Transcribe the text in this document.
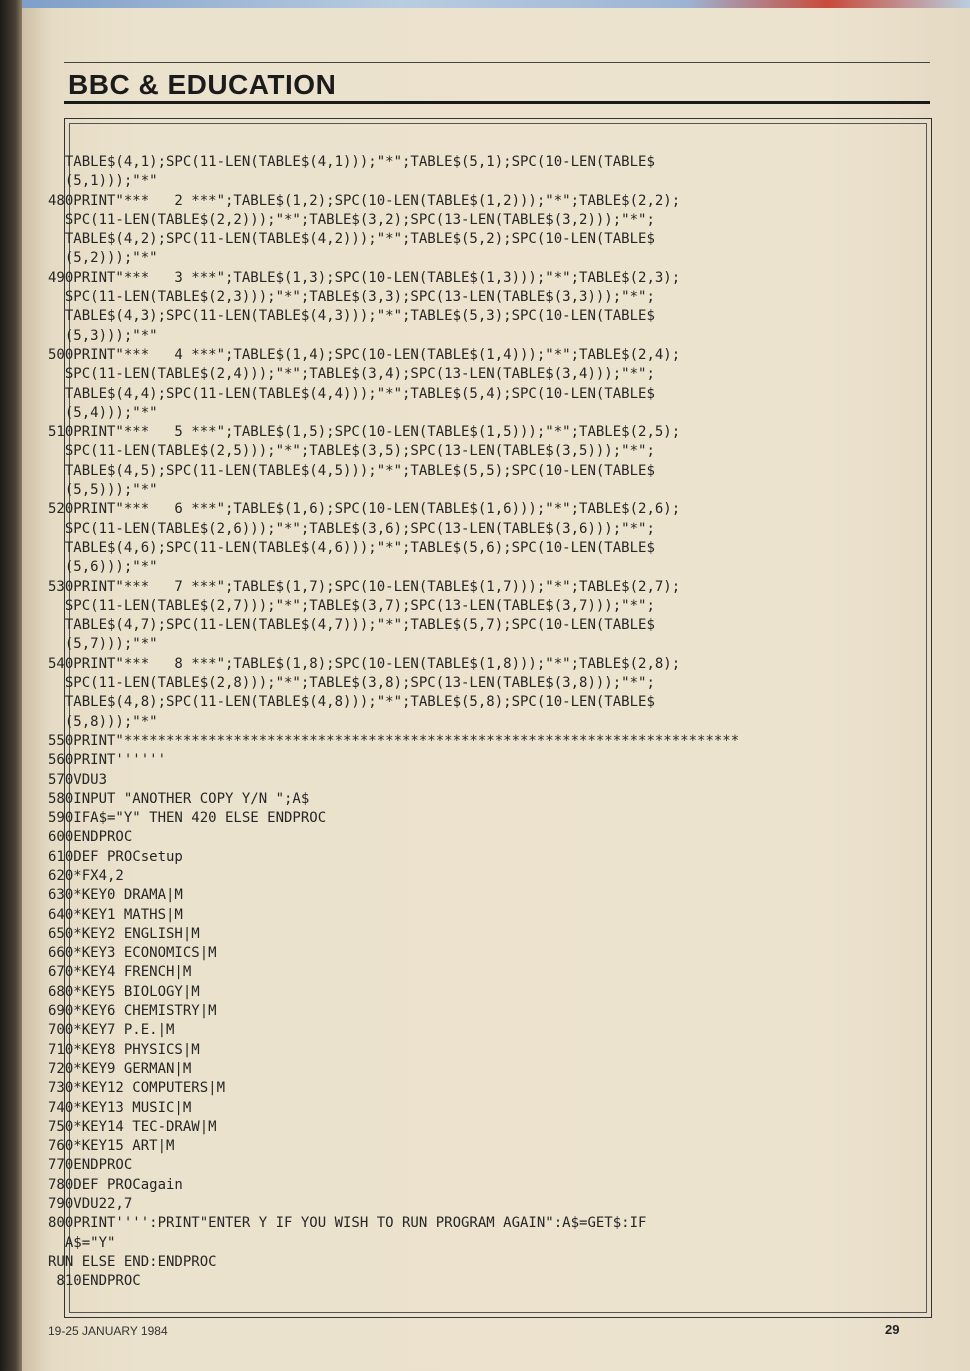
BBC & EDUCATION
TABLE$(4,1);SPC(11-LEN(TABLE$(4,1)));"*";TABLE$(5,1);SPC(10-LEN(TABLE$
(5,1)));"*"
480PRINT"***   2 ***";TABLE$(1,2);SPC(10-LEN(TABLE$(1,2)));"*";TABLE$(2,2);
SPC(11-LEN(TABLE$(2,2)));"*";TABLE$(3,2);SPC(13-LEN(TABLE$(3,2)));"*";
TABLE$(4,2);SPC(11-LEN(TABLE$(4,2)));"*";TABLE$(5,2);SPC(10-LEN(TABLE$
(5,2)));"*"
490PRINT"***   3 ***";TABLE$(1,3);SPC(10-LEN(TABLE$(1,3)));"*";TABLE$(2,3);
SPC(11-LEN(TABLE$(2,3)));"*";TABLE$(3,3);SPC(13-LEN(TABLE$(3,3)));"*";
TABLE$(4,3);SPC(11-LEN(TABLE$(4,3)));"*";TABLE$(5,3);SPC(10-LEN(TABLE$
(5,3)));"*"
500PRINT"***   4 ***";TABLE$(1,4);SPC(10-LEN(TABLE$(1,4)));"*";TABLE$(2,4);
SPC(11-LEN(TABLE$(2,4)));"*";TABLE$(3,4);SPC(13-LEN(TABLE$(3,4)));"*";
TABLE$(4,4);SPC(11-LEN(TABLE$(4,4)));"*";TABLE$(5,4);SPC(10-LEN(TABLE$
(5,4)));"*"
510PRINT"***   5 ***";TABLE$(1,5);SPC(10-LEN(TABLE$(1,5)));"*";TABLE$(2,5);
SPC(11-LEN(TABLE$(2,5)));"*";TABLE$(3,5);SPC(13-LEN(TABLE$(3,5)));"*";
TABLE$(4,5);SPC(11-LEN(TABLE$(4,5)));"*";TABLE$(5,5);SPC(10-LEN(TABLE$
(5,5)));"*"
520PRINT"***   6 ***";TABLE$(1,6);SPC(10-LEN(TABLE$(1,6)));"*";TABLE$(2,6);
SPC(11-LEN(TABLE$(2,6)));"*";TABLE$(3,6);SPC(13-LEN(TABLE$(3,6)));"*";
TABLE$(4,6);SPC(11-LEN(TABLE$(4,6)));"*";TABLE$(5,6);SPC(10-LEN(TABLE$
(5,6)));"*"
530PRINT"***   7 ***";TABLE$(1,7);SPC(10-LEN(TABLE$(1,7)));"*";TABLE$(2,7);
SPC(11-LEN(TABLE$(2,7)));"*";TABLE$(3,7);SPC(13-LEN(TABLE$(3,7)));"*";
TABLE$(4,7);SPC(11-LEN(TABLE$(4,7)));"*";TABLE$(5,7);SPC(10-LEN(TABLE$
(5,7)));"*"
540PRINT"***   8 ***";TABLE$(1,8);SPC(10-LEN(TABLE$(1,8)));"*";TABLE$(2,8);
SPC(11-LEN(TABLE$(2,8)));"*";TABLE$(3,8);SPC(13-LEN(TABLE$(3,8)));"*";
TABLE$(4,8);SPC(11-LEN(TABLE$(4,8)));"*";TABLE$(5,8);SPC(10-LEN(TABLE$
(5,8)));"*"
550PRINT"*************************************************************************
560PRINT''''''
570VDU3
580INPUT "ANOTHER COPY Y/N ";A$
590IFA$="Y" THEN 420 ELSE ENDPROC
600ENDPROC
610DEF PROCsetup
620*FX4,2
630*KEY0 DRAMA|M
640*KEY1 MATHS|M
650*KEY2 ENGLISH|M
660*KEY3 ECONOMICS|M
670*KEY4 FRENCH|M
680*KEY5 BIOLOGY|M
690*KEY6 CHEMISTRY|M
700*KEY7 P.E.|M
710*KEY8 PHYSICS|M
720*KEY9 GERMAN|M
730*KEY12 COMPUTERS|M
740*KEY13 MUSIC|M
750*KEY14 TEC-DRAW|M
760*KEY15 ART|M
770ENDPROC
780DEF PROCagain
790VDU22,7
800PRINT'''':PRINT"ENTER Y IF YOU WISH TO RUN PROGRAM AGAIN":A$=GET$:IF
A$="Y"
RUN ELSE END:ENDPROC
810ENDPROC
19-25 JANUARY 1984	29
